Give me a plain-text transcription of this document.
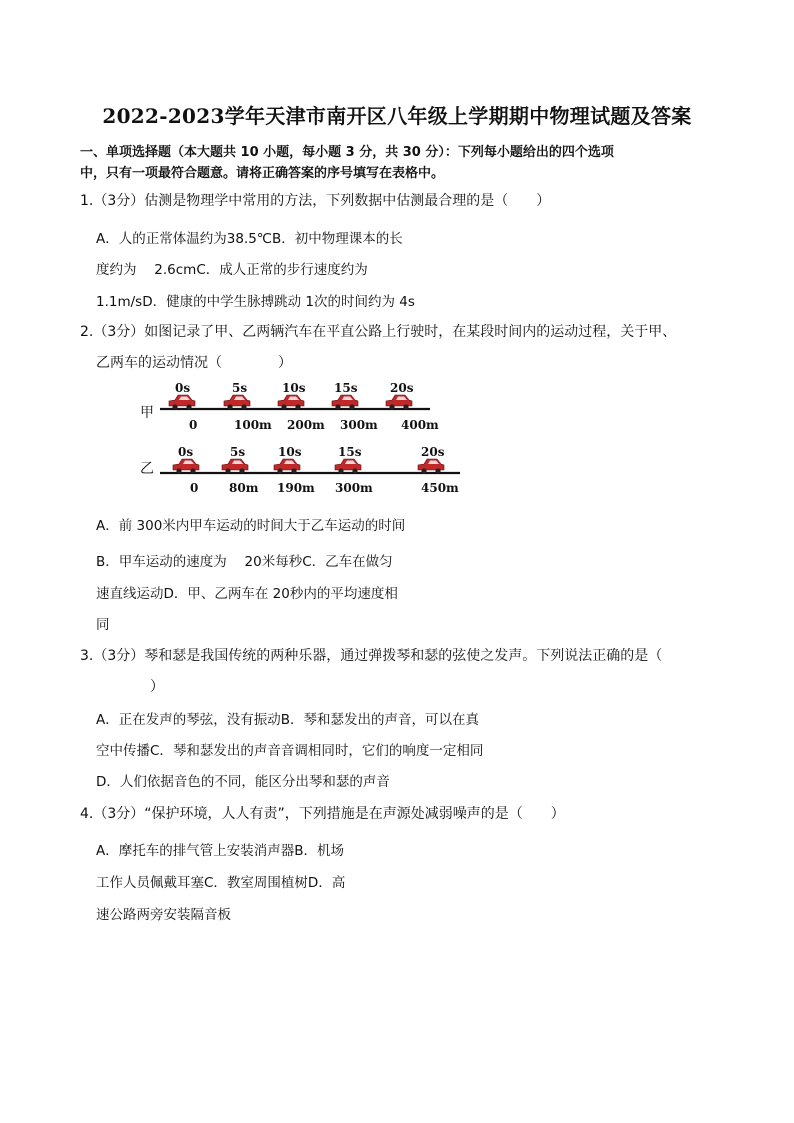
2022-2023学年天津市南开区八年级上学期期中物理试题及答案
一、单项选择题（本大题共 10 小题，每小题 3 分，共 30 分）：下列每小题给出的四个选项
中，只有一项最符合题意。请将正确答案的序号填写在表格中。
1.（3分）估测是物理学中常用的方法，下列数据中估测最合理的是（　　）
A．人的正常体温约为38.5℃B．初中物理课本的长
度约为　 2.6cmC．成人正常的步行速度约为
1.1m/sD．健康的中学生脉搏跳动 1次的时间约为 4s
2.（3分）如图记录了甲、乙两辆汽车在平直公路上行驶时，在某段时间内的运动过程，关于甲、
乙两车的运动情况（　　　　）
甲
乙
0s	5s	10s 15s	20s
0	100m 200m 300m 400m
0s	5s	10s	15s	20s
0	80m 190m 300m	450m
A．前 300米内甲车运动的时间大于乙车运动的时间
B．甲车运动的速度为　 20米每秒C．乙车在做匀
速直线运动D．甲、乙两车在 20秒内的平均速度相
同
3.（3分）琴和瑟是我国传统的两种乐器，通过弹拨琴和瑟的弦使之发声。下列说法正确的是（
）
A．正在发声的琴弦，没有振动B．琴和瑟发出的声音，可以在真
空中传播C．琴和瑟发出的声音音调相同时，它们的响度一定相同
D．人们依据音色的不同，能区分出琴和瑟的声音
4.（3分）“保护环境，人人有责”，下列措施是在声源处减弱噪声的是（　　）
A．摩托车的排气管上安装消声器B．机场
工作人员佩戴耳塞C．教室周围植树D．高
速公路两旁安装隔音板
